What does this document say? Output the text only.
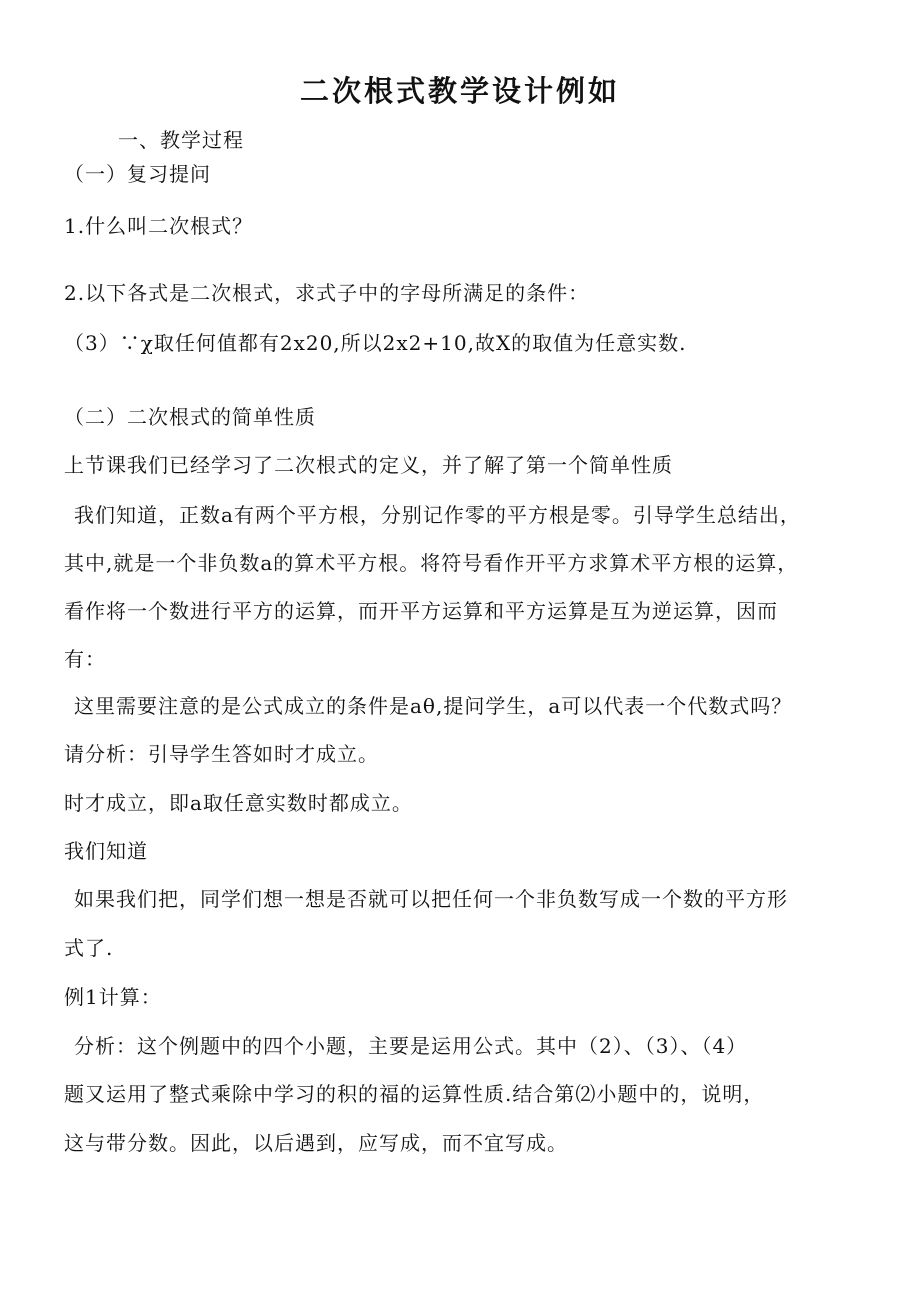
二次根式教学设计例如
一、教学过程
（一）复习提问
1.什么叫二次根式？
2.以下各式是二次根式，求式子中的字母所满足的条件：
（3）∵χ取任何值都有2x20,所以2x2+10,故X的取值为任意实数.
（二）二次根式的简单性质
上节课我们已经学习了二次根式的定义，并了解了第一个简单性质
我们知道，正数a有两个平方根，分别记作零的平方根是零。引导学生总结出，
其中,就是一个非负数a的算术平方根。将符号看作开平方求算术平方根的运算，
看作将一个数进行平方的运算，而开平方运算和平方运算是互为逆运算，因而
有：
这里需要注意的是公式成立的条件是aθ,提问学生，a可以代表一个代数式吗？
请分析：引导学生答如时才成立。
时才成立，即a取任意实数时都成立。
我们知道
如果我们把，同学们想一想是否就可以把任何一个非负数写成一个数的平方形
式了.
例1计算：
分析：这个例题中的四个小题，主要是运用公式。其中（2）、（3）、（4）
题又运用了整式乘除中学习的积的福的运算性质.结合第⑵小题中的，说明，
这与带分数。因此，以后遇到，应写成，而不宜写成。
